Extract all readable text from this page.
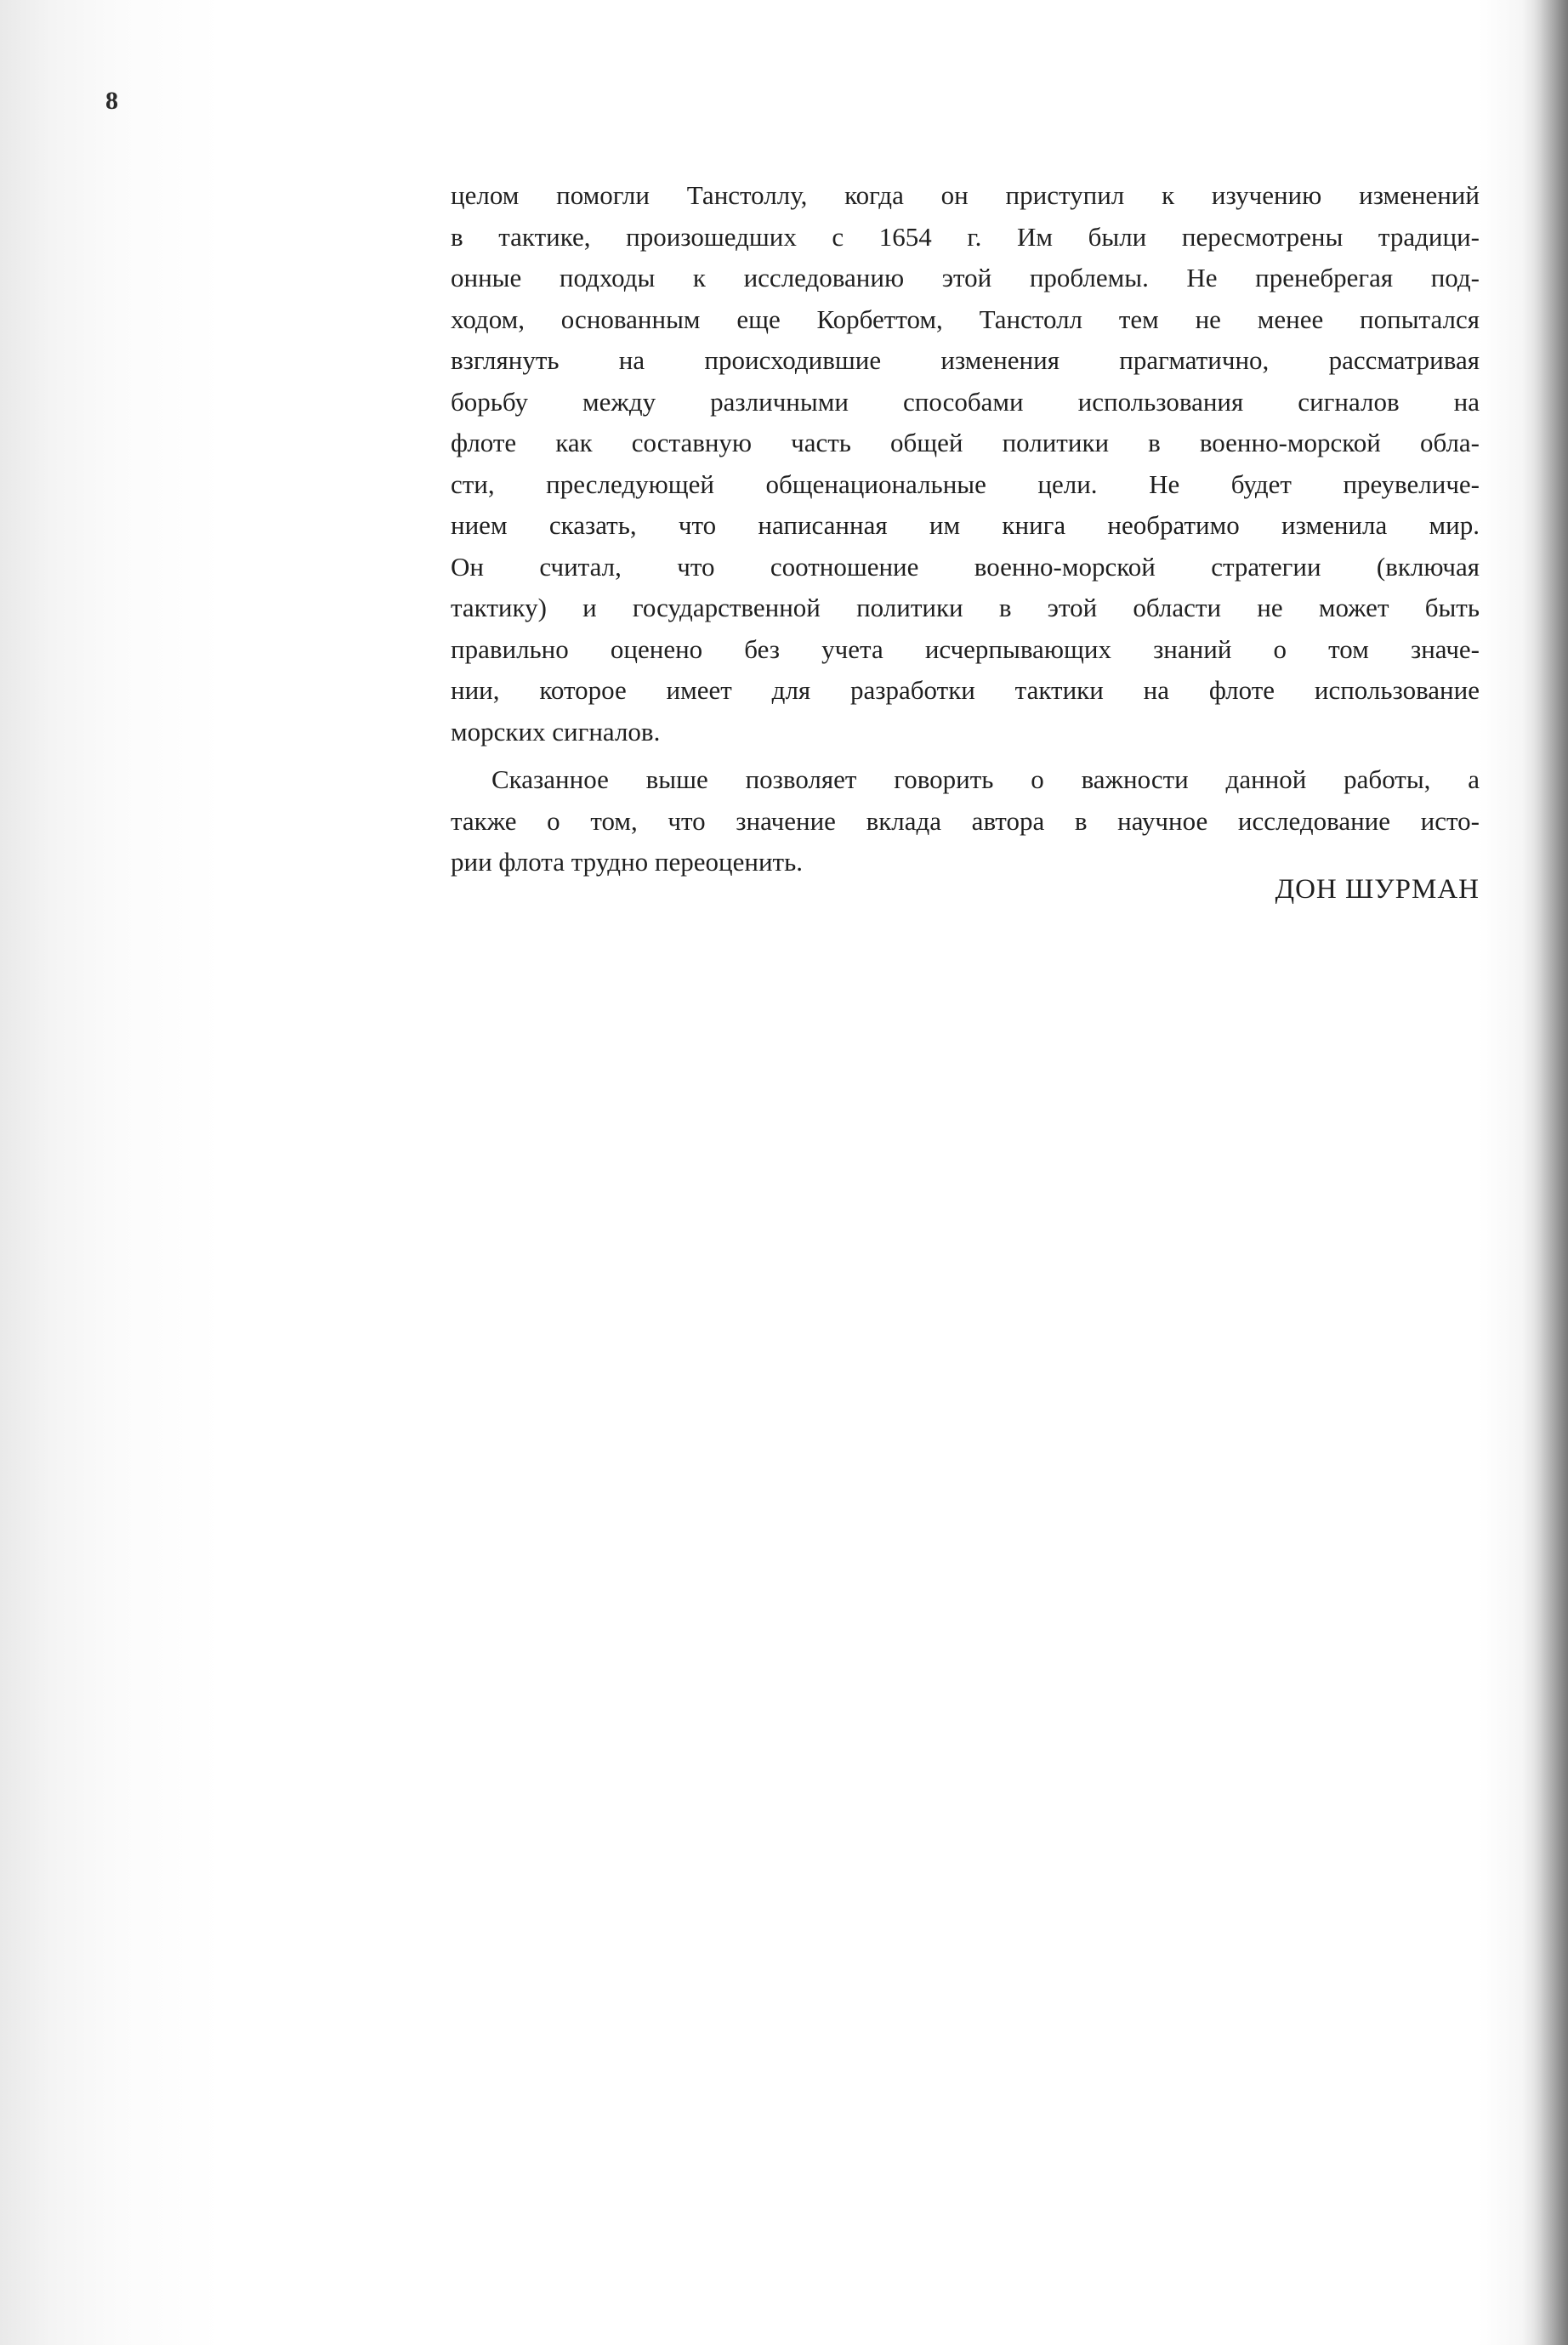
8

целом помогли Танстоллу, когда он приступил к изучению изменений
в тактике, произошедших с 1654 г. Им были пересмотрены традици-
онные подходы к исследованию этой проблемы. Не пренебрегая под-
ходом, основанным еще Корбеттом, Танстолл тем не менее попытался
взглянуть на происходившие изменения прагматично, рассматривая
борьбу между различными способами использования сигналов на
флоте как составную часть общей политики в военно-морской обла-
сти, преследующей общенациональные цели. Не будет преувеличе-
нием сказать, что написанная им книга необратимо изменила мир.
Он считал, что соотношение военно-морской стратегии (включая
тактику) и государственной политики в этой области не может быть
правильно оценено без учета исчерпывающих знаний о том значе-
нии, которое имеет для разработки тактики на флоте использование
морских сигналов.

Сказанное выше позволяет говорить о важности данной работы, а
также о том, что значение вклада автора в научное исследование исто-
рии флота трудно переоценить.

ДОН ШУРМАН
